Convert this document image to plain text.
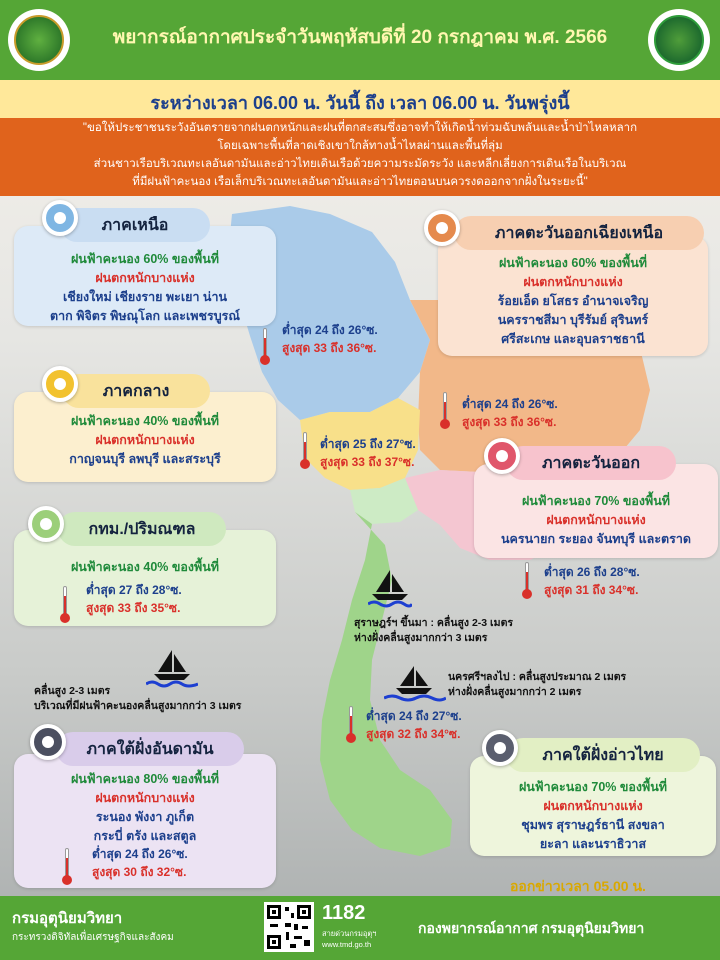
พยากรณ์อากาศประจำวันพฤหัสบดีที่ 20 กรกฎาคม พ.ศ. 2566
ระหว่างเวลา 06.00 น. วันนี้ ถึง เวลา 06.00 น. วันพรุ่งนี้
"ขอให้ประชาชนระวังอันตรายจากฝนตกหนักและฝนที่ตกสะสมซึ่งอาจทำให้เกิดน้ำท่วมฉับพลันและน้ำป่าไหลหลาก
โดยเฉพาะพื้นที่ลาดเชิงเขาใกล้ทางน้ำไหลผ่านและพื้นที่ลุ่ม
ส่วนชาวเรือบริเวณทะเลอันดามันและอ่าวไทยเดินเรือด้วยความระมัดระวัง และหลีกเลี่ยงการเดินเรือในบริเวณ
ที่มีฝนฟ้าคะนอง เรือเล็กบริเวณทะเลอันดามันและอ่าวไทยตอนบนควรงดออกจากฝั่งในระยะนี้"
ฝนฟ้าคะนอง 60% ของพื้นที่
ฝนตกหนักบางแห่ง
เชียงใหม่ เชียงราย พะเยา น่าน
ตาก พิจิตร พิษณุโลก และเพชรบูรณ์
ภาคเหนือ
ต่ำสุด 24 ถึง 26°ซ.
สูงสุด 33 ถึง 36°ซ.
ฝนฟ้าคะนอง 60% ของพื้นที่
ฝนตกหนักบางแห่ง
ร้อยเอ็ด ยโสธร อำนาจเจริญ
นครราชสีมา บุรีรัมย์ สุรินทร์
ศรีสะเกษ และอุบลราชธานี
ภาคตะวันออกเฉียงเหนือ
ต่ำสุด 24 ถึง 26°ซ.
สูงสุด 33 ถึง 36°ซ.
ฝนฟ้าคะนอง 40% ของพื้นที่
ฝนตกหนักบางแห่ง
กาญจนบุรี ลพบุรี และสระบุรี
ภาคกลาง
ต่ำสุด 25 ถึง 27°ซ.
สูงสุด 33 ถึง 37°ซ.
ฝนฟ้าคะนอง 70% ของพื้นที่
ฝนตกหนักบางแห่ง
นครนายก ระยอง จันทบุรี และตราด
ภาคตะวันออก
ต่ำสุด 26 ถึง 28°ซ.
สูงสุด 31 ถึง 34°ซ.
ฝนฟ้าคะนอง 40% ของพื้นที่
กทม./ปริมณฑล
ต่ำสุด 27 ถึง 28°ซ.
สูงสุด 33 ถึง 35°ซ.
สุราษฎร์ฯ ขึ้นมา : คลื่นสูง 2-3 เมตร
ห่างฝั่งคลื่นสูงมากกว่า 3 เมตร
คลื่นสูง 2-3 เมตร
บริเวณที่มีฝนฟ้าคะนองคลื่นสูงมากกว่า 3 เมตร
นครศรีฯลงไป : คลื่นสูงประมาณ 2 เมตร
ห่างฝั่งคลื่นสูงมากกว่า 2 เมตร
ต่ำสุด 24 ถึง 27°ซ.
สูงสุด 32 ถึง 34°ซ.
ฝนฟ้าคะนอง 80% ของพื้นที่
ฝนตกหนักบางแห่ง
ระนอง พังงา ภูเก็ต
กระบี่ ตรัง และสตูล
ภาคใต้ฝั่งอันดามัน
ต่ำสุด 24 ถึง 26°ซ.
สูงสุด 30 ถึง 32°ซ.
ฝนฟ้าคะนอง 70% ของพื้นที่
ฝนตกหนักบางแห่ง
ชุมพร สุราษฎร์ธานี สงขลา
ยะลา และนราธิวาส
ภาคใต้ฝั่งอ่าวไทย
ออกข่าวเวลา 05.00 น.
กรมอุตุนิยมวิทยา
กระทรวงดิจิทัลเพื่อเศรษฐกิจและสังคม
1182
สายด่วนกรมอุตุฯ
www.tmd.go.th
กองพยากรณ์อากาศ กรมอุตุนิยมวิทยา
